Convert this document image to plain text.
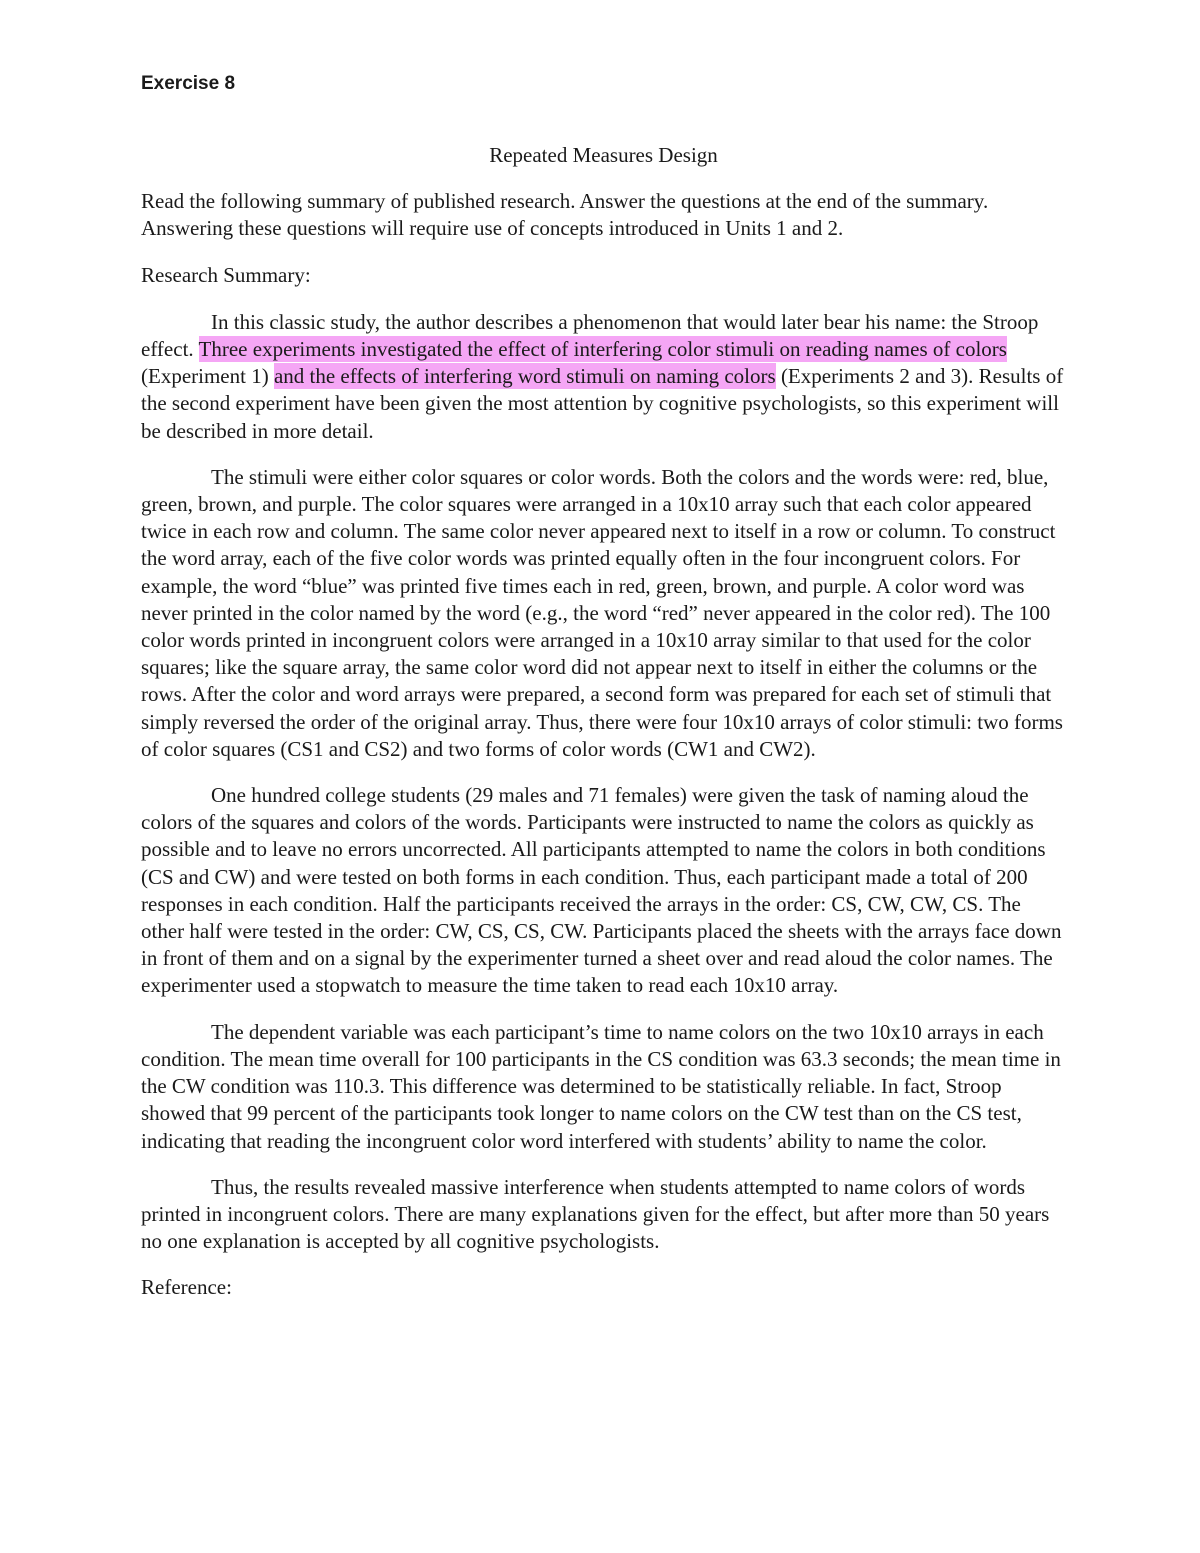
Exercise 8

Repeated Measures Design

Read the following summary of published research. Answer the questions at the end of the summary. Answering these questions will require use of concepts introduced in Units 1 and 2.

Research Summary:

In this classic study, the author describes a phenomenon that would later bear his name: the Stroop effect. Three experiments investigated the effect of interfering color stimuli on reading names of colors (Experiment 1) and the effects of interfering word stimuli on naming colors (Experiments 2 and 3). Results of the second experiment have been given the most attention by cognitive psychologists, so this experiment will be described in more detail.

The stimuli were either color squares or color words. Both the colors and the words were: red, blue, green, brown, and purple. The color squares were arranged in a 10x10 array such that each color appeared twice in each row and column. The same color never appeared next to itself in a row or column. To construct the word array, each of the five color words was printed equally often in the four incongruent colors. For example, the word “blue” was printed five times each in red, green, brown, and purple. A color word was never printed in the color named by the word (e.g., the word “red” never appeared in the color red). The 100 color words printed in incongruent colors were arranged in a 10x10 array similar to that used for the color squares; like the square array, the same color word did not appear next to itself in either the columns or the rows. After the color and word arrays were prepared, a second form was prepared for each set of stimuli that simply reversed the order of the original array. Thus, there were four 10x10 arrays of color stimuli: two forms of color squares (CS1 and CS2) and two forms of color words (CW1 and CW2).

One hundred college students (29 males and 71 females) were given the task of naming aloud the colors of the squares and colors of the words. Participants were instructed to name the colors as quickly as possible and to leave no errors uncorrected. All participants attempted to name the colors in both conditions (CS and CW) and were tested on both forms in each condition. Thus, each participant made a total of 200 responses in each condition. Half the participants received the arrays in the order: CS, CW, CW, CS. The other half were tested in the order: CW, CS, CS, CW. Participants placed the sheets with the arrays face down in front of them and on a signal by the experimenter turned a sheet over and read aloud the color names. The experimenter used a stopwatch to measure the time taken to read each 10x10 array.

The dependent variable was each participant’s time to name colors on the two 10x10 arrays in each condition. The mean time overall for 100 participants in the CS condition was 63.3 seconds; the mean time in the CW condition was 110.3. This difference was determined to be statistically reliable. In fact, Stroop showed that 99 percent of the participants took longer to name colors on the CW test than on the CS test, indicating that reading the incongruent color word interfered with students’ ability to name the color.

Thus, the results revealed massive interference when students attempted to name colors of words printed in incongruent colors. There are many explanations given for the effect, but after more than 50 years no one explanation is accepted by all cognitive psychologists.

Reference:
